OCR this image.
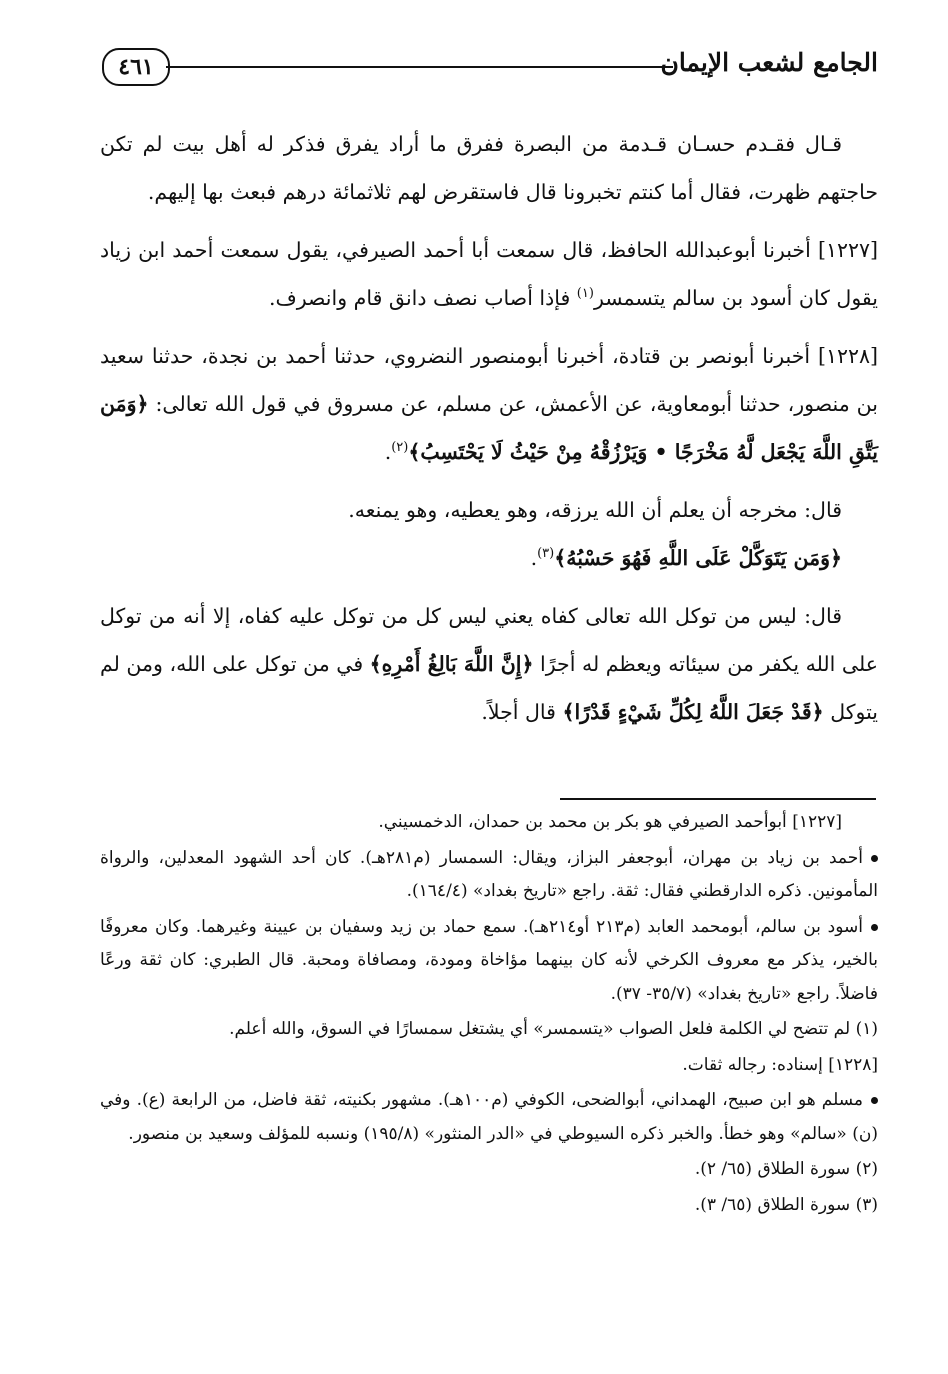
الجامع لشعب الإيمان
٤٦١

قـال فقـدم حسـان قـدمة من البصرة ففرق ما أراد يفرق فذكر له أهل بيت لم تكن حاجتهم ظهرت، فقال أما كنتم تخبرونا قال فاستقرض لهم ثلاثمائة درهم فبعث بها إليهم.

[١٢٢٧] أخبرنا أبوعبدالله الحافظ، قال سمعت أبا أحمد الصيرفي، يقول سمعت أحمد ابن زياد يقول كان أسود بن سالم يتسمسر$^{(١)}$ فإذا أصاب نصف دانق قام وانصرف.

[١٢٢٨] أخبرنا أبونصر بن قتادة، أخبرنا أبومنصور النضروي، حدثنا أحمد بن نجدة، حدثنا سعيد بن منصور، حدثنا أبومعاوية، عن الأعمش، عن مسلم، عن مسروق في قول الله تعالى: ﴿وَمَن يَتَّقِ اللَّهَ يَجْعَل لَّهُ مَخْرَجًا • وَيَرْزُقْهُ مِنْ حَيْثُ لَا يَحْتَسِبُ﴾$^{(٢)}$.

قال: مخرجه أن يعلم أن الله يرزقه، وهو يعطيه، وهو يمنعه.

﴿وَمَن يَتَوَكَّلْ عَلَى اللَّهِ فَهُوَ حَسْبُهُ﴾$^{(٣)}$.

قال: ليس من توكل الله تعالى كفاه يعني ليس كل من توكل عليه كفاه، إلا أنه من توكل على الله يكفر من سيئاته ويعظم له أجرًا ﴿إِنَّ اللَّهَ بَالِغُ أَمْرِهِ﴾ في من توكل على الله، ومن لم يتوكل ﴿قَدْ جَعَلَ اللَّهُ لِكُلِّ شَيْءٍ قَدْرًا﴾ قال أجلاً.

[١٢٢٧] أبوأحمد الصيرفي هو بكر بن محمد بن حمدان، الدخمسيني.

أحمد بن زياد بن مهران، أبوجعفر البزاز، ويقال: السمسار (م٢٨١هـ). كان أحد الشهود المعدلين، والرواة المأمونين. ذكره الدارقطني فقال: ثقة. راجع «تاريخ بغداد» (١٦٤/٤).

أسود بن سالم، أبومحمد العابد (م٢١٣ أو٢١٤هـ). سمع حماد بن زيد وسفيان بن عيينة وغيرهما. وكان معروفًا بالخير، يذكر مع معروف الكرخي لأنه كان بينهما مؤاخاة ومودة، ومصافاة ومحبة. قال الطبري: كان ثقة ورعًا فاضلاً. راجع «تاريخ بغداد» (٣٥/٧- ٣٧).

(١) لم تتضح لي الكلمة فلعل الصواب «يتسمسر» أي يشتغل سمسارًا في السوق، والله أعلم.

[١٢٢٨] إسناده: رجاله ثقات.

مسلم هو ابن صبيح، الهمداني، أبوالضحى، الكوفي (م١٠٠هـ). مشهور بكنيته، ثقة فاضل، من الرابعة (ع). وفي (ن) «سالم» وهو خطأ. والخبر ذكره السيوطي في «الدر المنثور» (١٩٥/٨) ونسبه للمؤلف وسعيد بن منصور.

(٢) سورة الطلاق (٦٥/ ٢).

(٣) سورة الطلاق (٦٥/ ٣).
